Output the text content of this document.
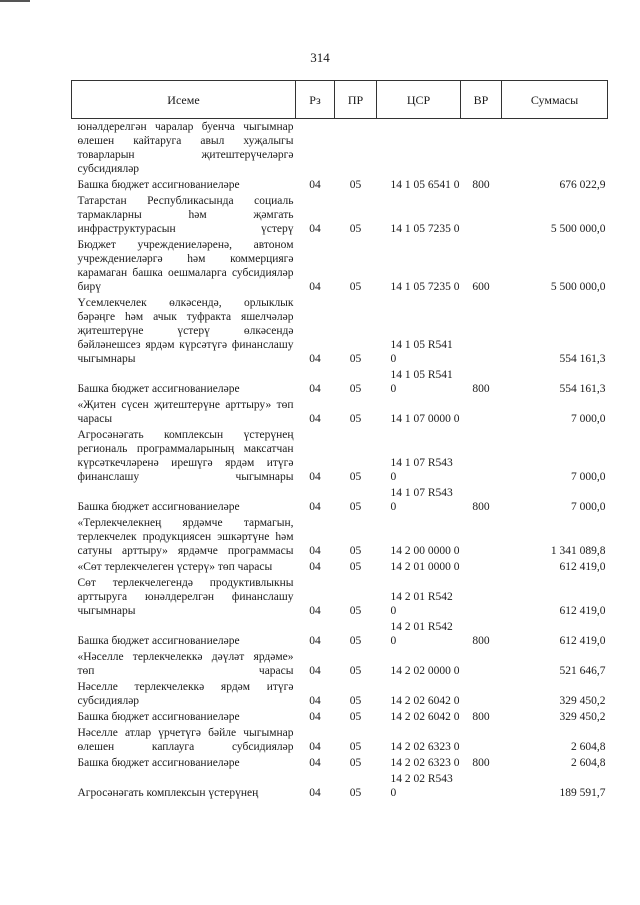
314
Исеме	Рз	ПР	ЦСР	ВР	Суммасы
юнәлдерелгән чаралар буенча чыгымнар өлешен кайтаруга авыл хуҗалыгы товарларын җитештерүчеләргә субсидияләр					
Башка бюджет ассигнованиеләре	04	05	14 1 05 6541 0	800	676 022,9
Татарстан Республикасында социаль тармакларны һәм җәмгать инфраструктурасын үстерү	04	05	14 1 05 7235 0		5 500 000,0
Бюджет учреждениеләренә, автоном учреждениеләргә һәм коммерциягә карамаган башка оешмаларга субсидияләр бирү	04	05	14 1 05 7235 0	600	5 500 000,0
Үсемлекчелек өлкәсендә, орлыклык бәрәңге һәм ачык туфракта яшелчәләр җитештерүне үстерү өлкәсендә бәйләнешсез ярдәм күрсәтүгә финанслашу чыгымнары	04	05	14 1 05 R541 0		554 161,3
Башка бюджет ассигнованиеләре	04	05	14 1 05 R541 0	800	554 161,3
«Җитен сүсен җитештерүне арттыру» төп чарасы	04	05	14 1 07 0000 0		7 000,0
Агросәнәгать комплексын үстерүнең региональ программаларының максатчан күрсәткечләренә ирешүгә ярдәм итүгә финанслашу чыгымнары	04	05	14 1 07 R543 0		7 000,0
Башка бюджет ассигнованиеләре	04	05	14 1 07 R543 0	800	7 000,0
«Терлекчелекнең ярдәмче тармагын, терлекчелек продукциясен эшкәртүне һәм сатуны арттыру» ярдәмче программасы	04	05	14 2 00 0000 0		1 341 089,8
«Сөт терлекчелеген үстерү» төп чарасы	04	05	14 2 01 0000 0		612 419,0
Сөт терлекчелегендә продуктивлыкны арттыруга юнәлдерелгән финанслашу чыгымнары	04	05	14 2 01 R542 0		612 419,0
Башка бюджет ассигнованиеләре	04	05	14 2 01 R542 0	800	612 419,0
«Нәселле терлекчелеккә дәүләт ярдәме» төп чарасы	04	05	14 2 02 0000 0		521 646,7
Нәселле терлекчелеккә ярдәм итүгә субсидияләр	04	05	14 2 02 6042 0		329 450,2
Башка бюджет ассигнованиеләре	04	05	14 2 02 6042 0	800	329 450,2
Нәселле атлар үрчетүгә бәйле чыгымнар өлешен каплауга субсидияләр	04	05	14 2 02 6323 0		2 604,8
Башка бюджет ассигнованиеләре	04	05	14 2 02 6323 0	800	2 604,8
Агросәнәгать комплексын үстерүнең	04	05	14 2 02 R543 0		189 591,7
